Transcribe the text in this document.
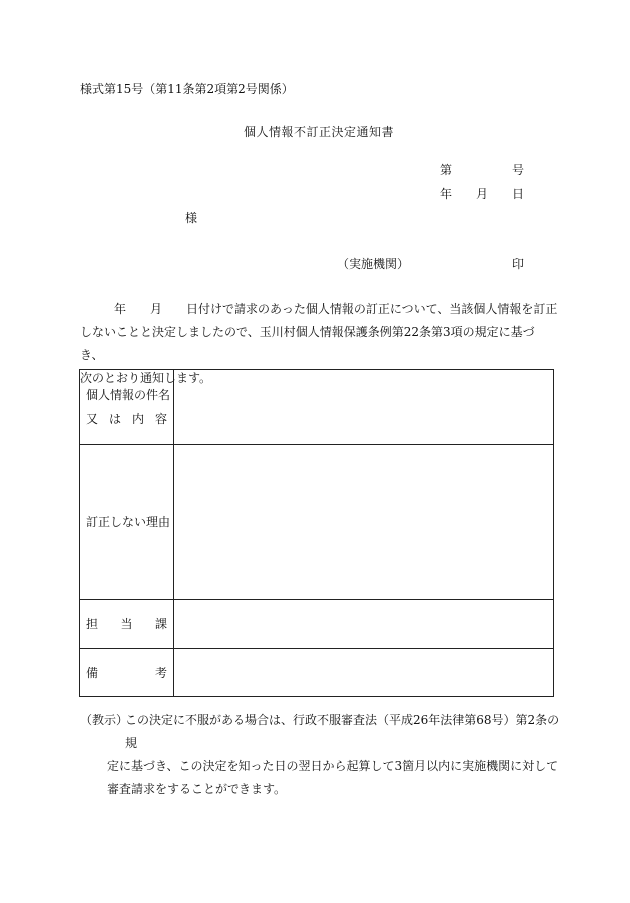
様式第15号（第11条第2項第2号関係）
個人情報不訂正決定通知書
第	号
年 月 日
様
（実施機関）	印

年 月 日付けで請求のあった個人情報の訂正について、当該個人情報を訂正

しないことと決定しましたので、玉川村個人情報保護条例第22条第3項の規定に基づき、

次のとおり通知します。

個人情報の件名
又 は 内 容	

訂正しない理由	

担 当 課	

備 考	

（教示）
この決定に不服がある場合は、行政不服審査法（平成26年法律第68号）第2条の規
定に基づき、この決定を知った日の翌日から起算して3箇月以内に実施機関に対して
審査請求をすることができます。
